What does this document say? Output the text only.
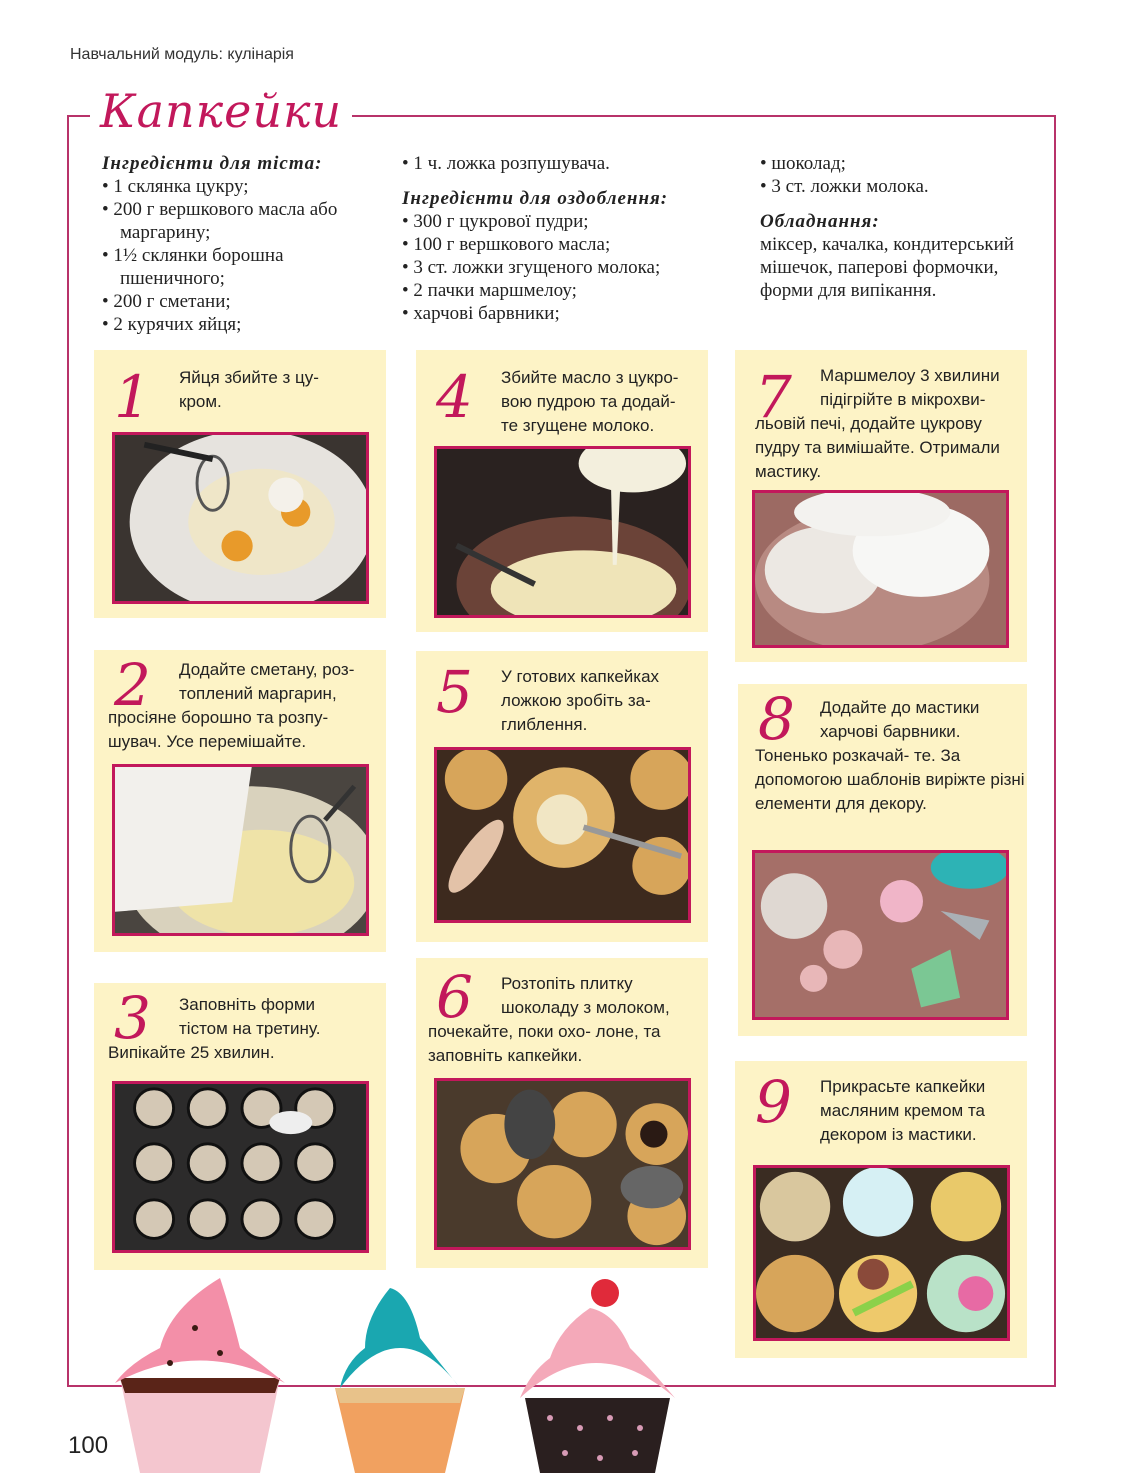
Навчальний модуль: кулінарія
Капкейки
Інгредієнти для тіста:
• 1 склянка цукру;
• 200 г вершкового масла або маргарину;
• 1½ склянки борошна пшеничного;
• 200 г сметани;
• 2 курячих яйця;
• 1 ч. ложка розпушувача.
Інгредієнти для оздоблення:
• 300 г цукрової пудри;
• 100 г вершкового масла;
• 3 ст. ложки згущеного молока;
• 2 пачки маршмелоу;
• харчові барвники;
• шоколад;
• 3 ст. ложки молока.
Обладнання:
міксер, качалка, кондитерський мішечок, паперові формочки, форми для випікання.
1 Яйця збийте з цу-

кром.

2	Додайте сметану, роз-

топлений маргарин,

просіяне борошно та розпу- шувач. Усе перемішайте.

3	Заповніть форми

тістом на третину.

Випікайте 25 хвилин.

4 Збийте масло з цукро-

вою пудрою та додай-

те згущене молоко.

5 У готових капкейках

ложкою зробіть за-

глиблення.

6	Розтопіть плитку

шоколаду з молоком,

почекайте, поки охо- лоне, та заповніть капкейки.

7	Маршмелоу 3 хвилини

підігрійте в мікрохви-

льовій печі, додайте цукрову пудру та вимішайте. Отримали мастику.

8	Додайте до мастики

харчові барвники.

Тоненько розкачай- те. За допомогою шаблонів виріжте різні елементи для декору.

9 Прикрасьте капкейки

масляним кремом та

декором із мастики.

100
